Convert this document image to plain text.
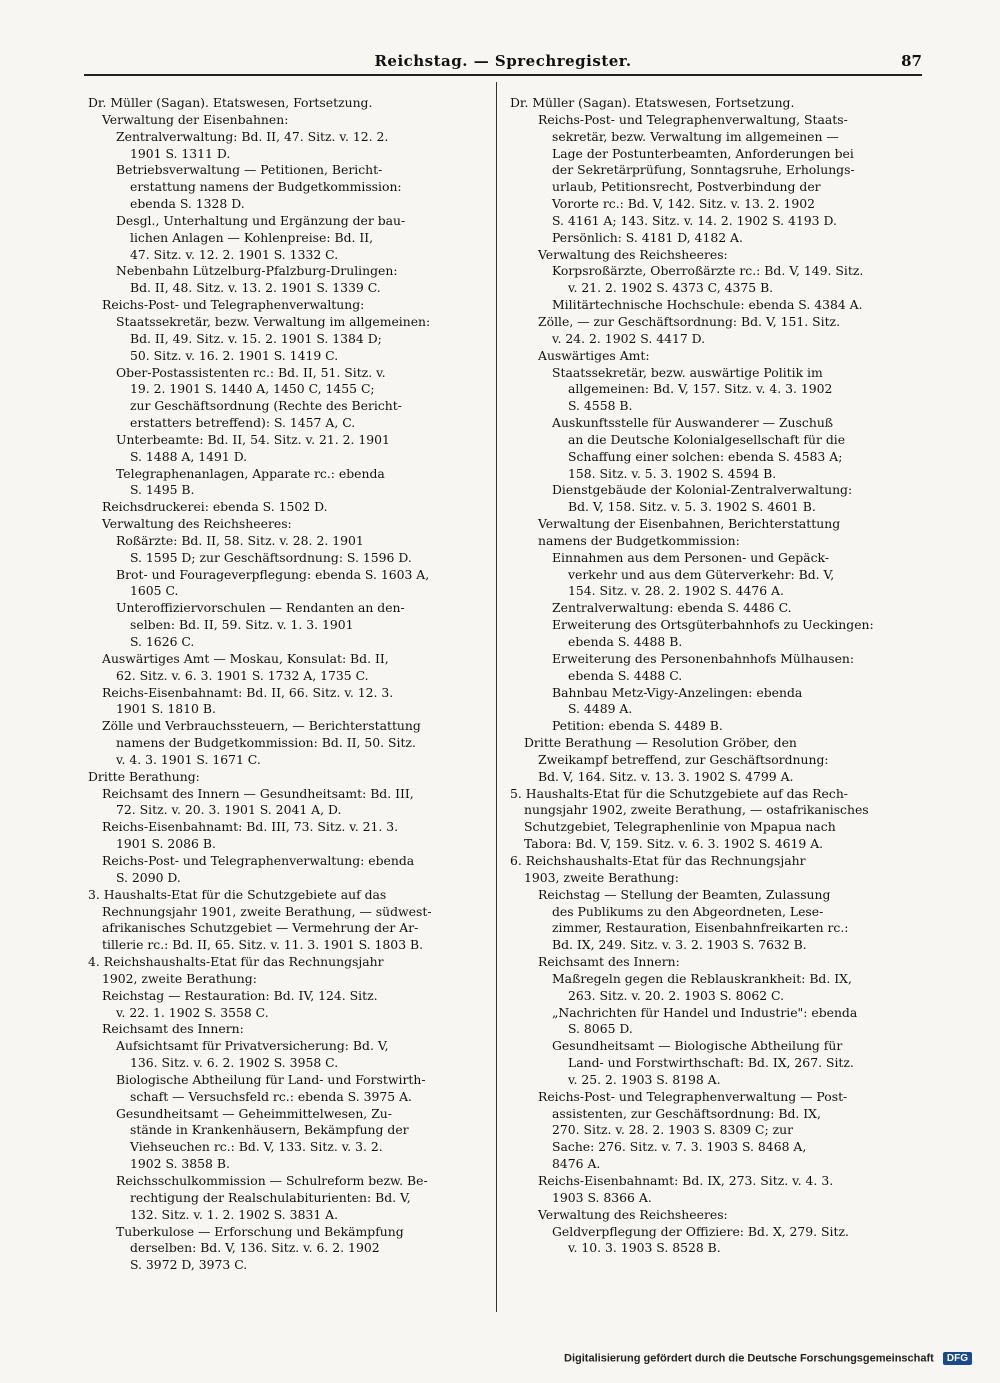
Reichstag. — Sprechregister.	87
Dr. Müller (Sagan). Etatswesen, Fortsetzung.
Verwaltung der Eisenbahnen:
Zentralverwaltung: Bd. II, 47. Sitz. v. 12. 2.
1901 S. 1311 D.
Betriebsverwaltung — Petitionen, Bericht-
erstattung namens der Budgetkommission:
ebenda S. 1328 D.
Desgl., Unterhaltung und Ergänzung der bau-
lichen Anlagen — Kohlenpreise: Bd. II,
47. Sitz. v. 12. 2. 1901 S. 1332 C.
Nebenbahn Lützelburg-Pfalzburg-Drulingen:
Bd. II, 48. Sitz. v. 13. 2. 1901 S. 1339 C.
Reichs-Post- und Telegraphenverwaltung:
Staatssekretär, bezw. Verwaltung im allgemeinen:
Bd. II, 49. Sitz. v. 15. 2. 1901 S. 1384 D;
50. Sitz. v. 16. 2. 1901 S. 1419 C.
Ober-Postassistenten rc.: Bd. II, 51. Sitz. v.
19. 2. 1901 S. 1440 A, 1450 C, 1455 C;
zur Geschäftsordnung (Rechte des Bericht-
erstatters betreffend): S. 1457 A, C.
Unterbeamte: Bd. II, 54. Sitz. v. 21. 2. 1901
S. 1488 A, 1491 D.
Telegraphenanlagen, Apparate rc.: ebenda
S. 1495 B.
Reichsdruckerei: ebenda S. 1502 D.
Verwaltung des Reichsheeres:
Roßärzte: Bd. II, 58. Sitz. v. 28. 2. 1901
S. 1595 D; zur Geschäftsordnung: S. 1596 D.
Brot- und Fourageverpflegung: ebenda S. 1603 A,
1605 C.
Unteroffiziervorschulen — Rendanten an den-
selben: Bd. II, 59. Sitz. v. 1. 3. 1901
S. 1626 C.
Auswärtiges Amt — Moskau, Konsulat: Bd. II,
62. Sitz. v. 6. 3. 1901 S. 1732 A, 1735 C.
Reichs-Eisenbahnamt: Bd. II, 66. Sitz. v. 12. 3.
1901 S. 1810 B.
Zölle und Verbrauchssteuern, — Berichterstattung
namens der Budgetkommission: Bd. II, 50. Sitz.
v. 4. 3. 1901 S. 1671 C.
Dritte Berathung:
Reichsamt des Innern — Gesundheitsamt: Bd. III,
72. Sitz. v. 20. 3. 1901 S. 2041 A, D.
Reichs-Eisenbahnamt: Bd. III, 73. Sitz. v. 21. 3.
1901 S. 2086 B.
Reichs-Post- und Telegraphenverwaltung: ebenda
S. 2090 D.
3. Haushalts-Etat für die Schutzgebiete auf das
Rechnungsjahr 1901, zweite Berathung, — südwest-
afrikanisches Schutzgebiet — Vermehrung der Ar-
tillerie rc.: Bd. II, 65. Sitz. v. 11. 3. 1901 S. 1803 B.
4. Reichshaushalts-Etat für das Rechnungsjahr
1902, zweite Berathung:
Reichstag — Restauration: Bd. IV, 124. Sitz.
v. 22. 1. 1902 S. 3558 C.
Reichsamt des Innern:
Aufsichtsamt für Privatversicherung: Bd. V,
136. Sitz. v. 6. 2. 1902 S. 3958 C.
Biologische Abtheilung für Land- und Forstwirth-
schaft — Versuchsfeld rc.: ebenda S. 3975 A.
Gesundheitsamt — Geheimmittelwesen, Zu-
stände in Krankenhäusern, Bekämpfung der
Viehseuchen rc.: Bd. V, 133. Sitz. v. 3. 2.
1902 S. 3858 B.
Reichsschulkommission — Schulreform bezw. Be-
rechtigung der Realschulabiturienten: Bd. V,
132. Sitz. v. 1. 2. 1902 S. 3831 A.
Tuberkulose — Erforschung und Bekämpfung
derselben: Bd. V, 136. Sitz. v. 6. 2. 1902
S. 3972 D, 3973 C.
Dr. Müller (Sagan). Etatswesen, Fortsetzung.
Reichs-Post- und Telegraphenverwaltung, Staats-
sekretär, bezw. Verwaltung im allgemeinen —
Lage der Postunterbeamten, Anforderungen bei
der Sekretärprüfung, Sonntagsruhe, Erholungs-
urlaub, Petitionsrecht, Postverbindung der
Vororte rc.: Bd. V, 142. Sitz. v. 13. 2. 1902
S. 4161 A; 143. Sitz. v. 14. 2. 1902 S. 4193 D.
Persönlich: S. 4181 D, 4182 A.
Verwaltung des Reichsheeres:
Korpsroßärzte, Oberroßärzte rc.: Bd. V, 149. Sitz.
v. 21. 2. 1902 S. 4373 C, 4375 B.
Militärtechnische Hochschule: ebenda S. 4384 A.
Zölle, — zur Geschäftsordnung: Bd. V, 151. Sitz.
v. 24. 2. 1902 S. 4417 D.
Auswärtiges Amt:
Staatssekretär, bezw. auswärtige Politik im
allgemeinen: Bd. V, 157. Sitz. v. 4. 3. 1902
S. 4558 B.
Auskunftsstelle für Auswanderer — Zuschuß
an die Deutsche Kolonialgesellschaft für die
Schaffung einer solchen: ebenda S. 4583 A;
158. Sitz. v. 5. 3. 1902 S. 4594 B.
Dienstgebäude der Kolonial-Zentralverwaltung:
Bd. V, 158. Sitz. v. 5. 3. 1902 S. 4601 B.
Verwaltung der Eisenbahnen, Berichterstattung
namens der Budgetkommission:
Einnahmen aus dem Personen- und Gepäck-
verkehr und aus dem Güterverkehr: Bd. V,
154. Sitz. v. 28. 2. 1902 S. 4476 A.
Zentralverwaltung: ebenda S. 4486 C.
Erweiterung des Ortsgüterbahnhofs zu Ueckingen:
ebenda S. 4488 B.
Erweiterung des Personenbahnhofs Mülhausen:
ebenda S. 4488 C.
Bahnbau Metz-Vigy-Anzelingen: ebenda
S. 4489 A.
Petition: ebenda S. 4489 B.
Dritte Berathung — Resolution Gröber, den
Zweikampf betreffend, zur Geschäftsordnung:
Bd. V, 164. Sitz. v. 13. 3. 1902 S. 4799 A.
5. Haushalts-Etat für die Schutzgebiete auf das Rech-
nungsjahr 1902, zweite Berathung, — ostafrikanisches
Schutzgebiet, Telegraphenlinie von Mpapua nach
Tabora: Bd. V, 159. Sitz. v. 6. 3. 1902 S. 4619 A.
6. Reichshaushalts-Etat für das Rechnungsjahr
1903, zweite Berathung:
Reichstag — Stellung der Beamten, Zulassung
des Publikums zu den Abgeordneten, Lese-
zimmer, Restauration, Eisenbahnfreikarten rc.:
Bd. IX, 249. Sitz. v. 3. 2. 1903 S. 7632 B.
Reichsamt des Innern:
Maßregeln gegen die Reblauskrankheit: Bd. IX,
263. Sitz. v. 20. 2. 1903 S. 8062 C.
„Nachrichten für Handel und Industrie": ebenda
S. 8065 D.
Gesundheitsamt — Biologische Abtheilung für
Land- und Forstwirthschaft: Bd. IX, 267. Sitz.
v. 25. 2. 1903 S. 8198 A.
Reichs-Post- und Telegraphenverwaltung — Post-
assistenten, zur Geschäftsordnung: Bd. IX,
270. Sitz. v. 28. 2. 1903 S. 8309 C; zur
Sache: 276. Sitz. v. 7. 3. 1903 S. 8468 A,
8476 A.
Reichs-Eisenbahnamt: Bd. IX, 273. Sitz. v. 4. 3.
1903 S. 8366 A.
Verwaltung des Reichsheeres:
Geldverpflegung der Offiziere: Bd. X, 279. Sitz.
v. 10. 3. 1903 S. 8528 B.
Digitalisierung gefördert durch die Deutsche Forschungsgemeinschaft DFG
